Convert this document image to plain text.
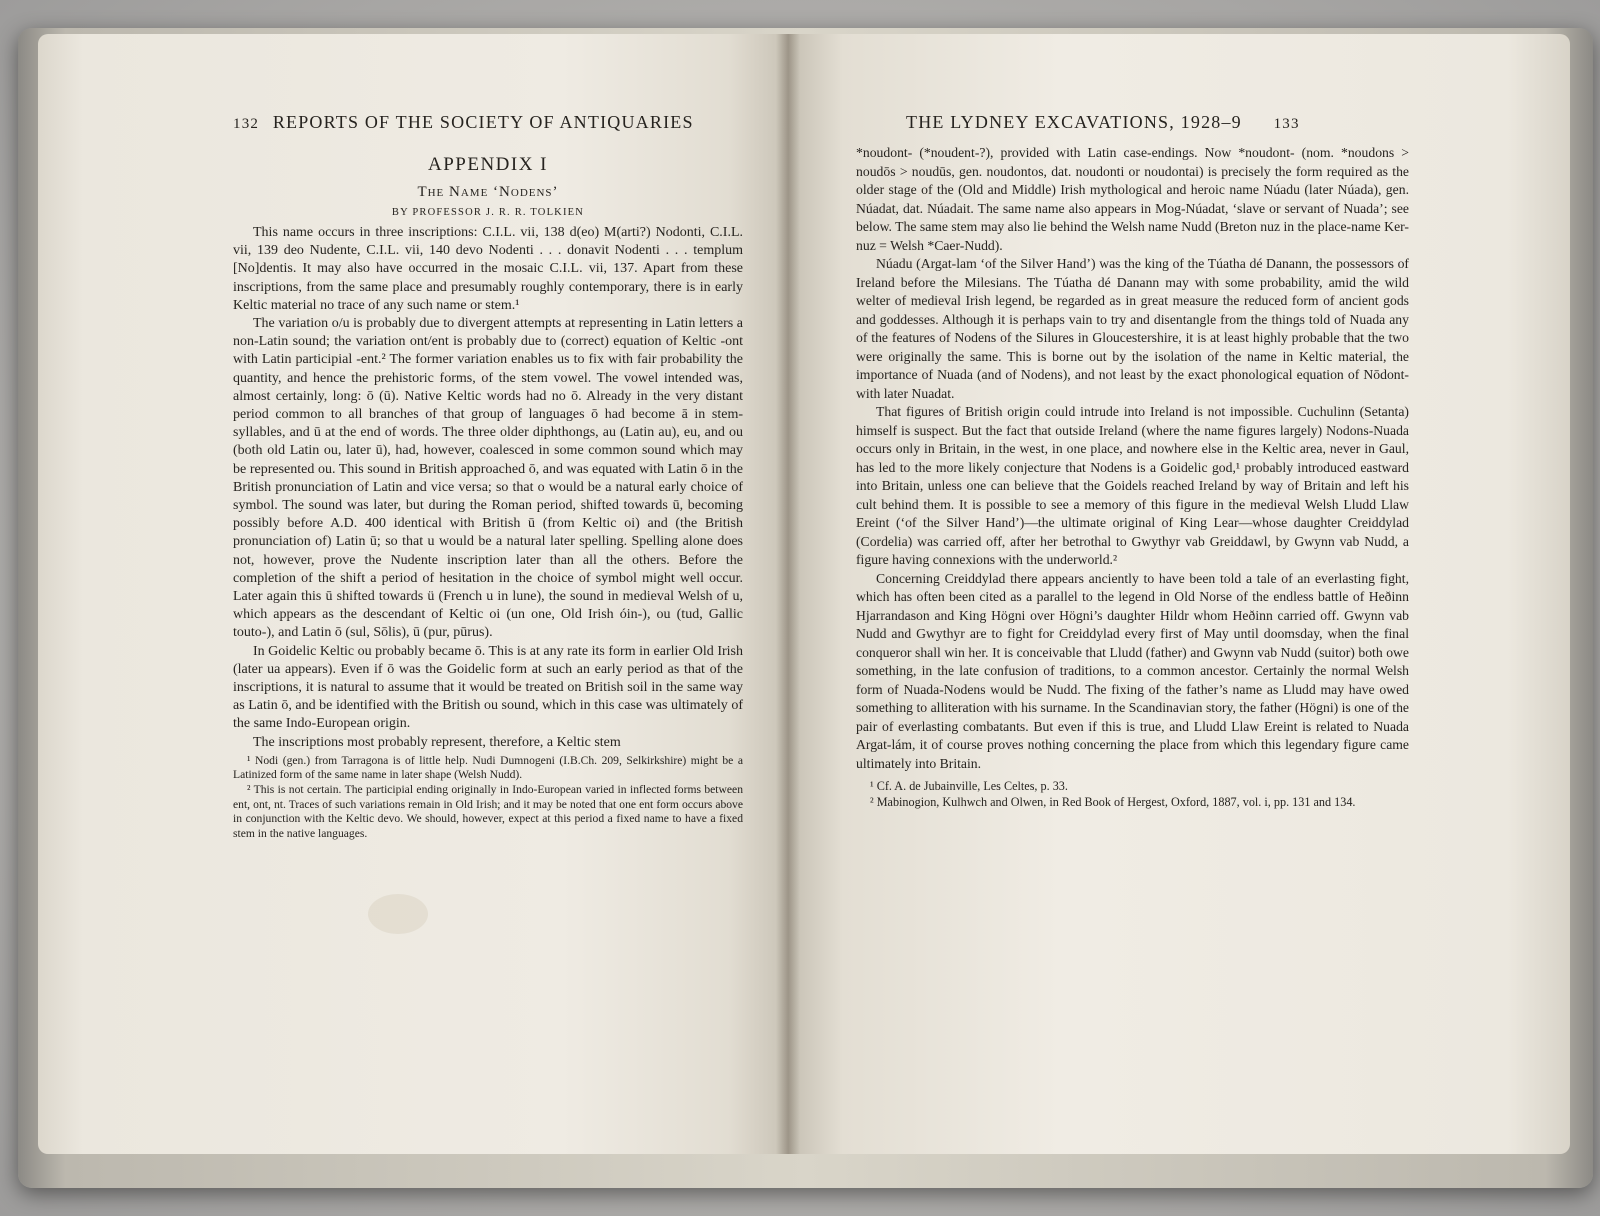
132 REPORTS OF THE SOCIETY OF ANTIQUARIES
APPENDIX I
The Name ‘Nodens’
BY PROFESSOR J. R. R. TOLKIEN

This name occurs in three inscriptions: C.I.L. vii, 138 d(eo) M(arti?) Nodonti, C.I.L. vii, 139 deo Nudente, C.I.L. vii, 140 devo Nodenti . . . donavit Nodenti . . . templum [No]dentis. It may also have occurred in the mosaic C.I.L. vii, 137. Apart from these inscriptions, from the same place and presumably roughly contemporary, there is in early Keltic material no trace of any such name or stem.¹

The variation o/u is probably due to divergent attempts at representing in Latin letters a non-Latin sound; the variation ont/ent is probably due to (correct) equation of Keltic -ont with Latin participial -ent.² The former variation enables us to fix with fair probability the quantity, and hence the prehistoric forms, of the stem vowel. The vowel intended was, almost certainly, long: ō (ū). Native Keltic words had no ō. Already in the very distant period common to all branches of that group of languages ō had become ā in stem-syllables, and ū at the end of words. The three older diphthongs, au (Latin au), eu, and ou (both old Latin ou, later ū), had, however, coalesced in some common sound which may be represented ou. This sound in British approached ō, and was equated with Latin ō in the British pronunciation of Latin and vice versa; so that o would be a natural early choice of symbol. The sound was later, but during the Roman period, shifted towards ū, becoming possibly before A.D. 400 identical with British ū (from Keltic oi) and (the British pronunciation of) Latin ū; so that u would be a natural later spelling. Spelling alone does not, however, prove the Nudente inscription later than all the others. Before the completion of the shift a period of hesitation in the choice of symbol might well occur. Later again this ū shifted towards ü (French u in lune), the sound in medieval Welsh of u, which appears as the descendant of Keltic oi (un one, Old Irish óin-), ou (tud, Gallic touto-), and Latin ō (sul, Sōlis), ū (pur, pūrus).

In Goidelic Keltic ou probably became ō. This is at any rate its form in earlier Old Irish (later ua appears). Even if ō was the Goidelic form at such an early period as that of the inscriptions, it is natural to assume that it would be treated on British soil in the same way as Latin ō, and be identified with the British ou sound, which in this case was ultimately of the same Indo-European origin.

The inscriptions most probably represent, therefore, a Keltic stem

¹ Nodi (gen.) from Tarragona is of little help. Nudi Dumnogeni (I.B.Ch. 209, Selkirkshire) might be a Latinized form of the same name in later shape (Welsh Nudd).

² This is not certain. The participial ending originally in Indo-European varied in inflected forms between ent, ont, nt. Traces of such variations remain in Old Irish; and it may be noted that one ent form occurs above in conjunction with the Keltic devo. We should, however, expect at this period a fixed name to have a fixed stem in the native languages.

THE LYDNEY EXCAVATIONS, 1928–9 133

*noudont- (*noudent-?), provided with Latin case-endings. Now *noudont- (nom. *noudons > noudōs > noudūs, gen. noudontos, dat. noudonti or noudontai) is precisely the form required as the older stage of the (Old and Middle) Irish mythological and heroic name Núadu (later Núada), gen. Núadat, dat. Núadait. The same name also appears in Mog-Núadat, ‘slave or servant of Nuada’; see below. The same stem may also lie behind the Welsh name Nudd (Breton nuz in the place-name Ker-nuz = Welsh *Caer-Nudd).

Núadu (Argat-lam ‘of the Silver Hand’) was the king of the Túatha dé Danann, the possessors of Ireland before the Milesians. The Túatha dé Danann may with some probability, amid the wild welter of medieval Irish legend, be regarded as in great measure the reduced form of ancient gods and goddesses. Although it is perhaps vain to try and disentangle from the things told of Nuada any of the features of Nodens of the Silures in Gloucestershire, it is at least highly probable that the two were originally the same. This is borne out by the isolation of the name in Keltic material, the importance of Nuada (and of Nodens), and not least by the exact phonological equation of Nōdont- with later Nuadat.

That figures of British origin could intrude into Ireland is not impossible. Cuchulinn (Setanta) himself is suspect. But the fact that outside Ireland (where the name figures largely) Nodons-Nuada occurs only in Britain, in the west, in one place, and nowhere else in the Keltic area, never in Gaul, has led to the more likely conjecture that Nodens is a Goidelic god,¹ probably introduced eastward into Britain, unless one can believe that the Goidels reached Ireland by way of Britain and left his cult behind them. It is possible to see a memory of this figure in the medieval Welsh Lludd Llaw Ereint (‘of the Silver Hand’)—the ultimate original of King Lear—whose daughter Creiddylad (Cordelia) was carried off, after her betrothal to Gwythyr vab Greiddawl, by Gwynn vab Nudd, a figure having connexions with the underworld.²

Concerning Creiddylad there appears anciently to have been told a tale of an everlasting fight, which has often been cited as a parallel to the legend in Old Norse of the endless battle of Heðinn Hjarrandason and King Högni over Högni’s daughter Hildr whom Heðinn carried off. Gwynn vab Nudd and Gwythyr are to fight for Creiddylad every first of May until doomsday, when the final conqueror shall win her. It is conceivable that Lludd (father) and Gwynn vab Nudd (suitor) both owe something, in the late confusion of traditions, to a common ancestor. Certainly the normal Welsh form of Nuada-Nodens would be Nudd. The fixing of the father’s name as Lludd may have owed something to alliteration with his surname. In the Scandinavian story, the father (Högni) is one of the pair of everlasting combatants. But even if this is true, and Lludd Llaw Ereint is related to Nuada Argat-lám, it of course proves nothing concerning the place from which this legendary figure came ultimately into Britain.

¹ Cf. A. de Jubainville, Les Celtes, p. 33.

² Mabinogion, Kulhwch and Olwen, in Red Book of Hergest, Oxford, 1887, vol. i, pp. 131 and 134.
